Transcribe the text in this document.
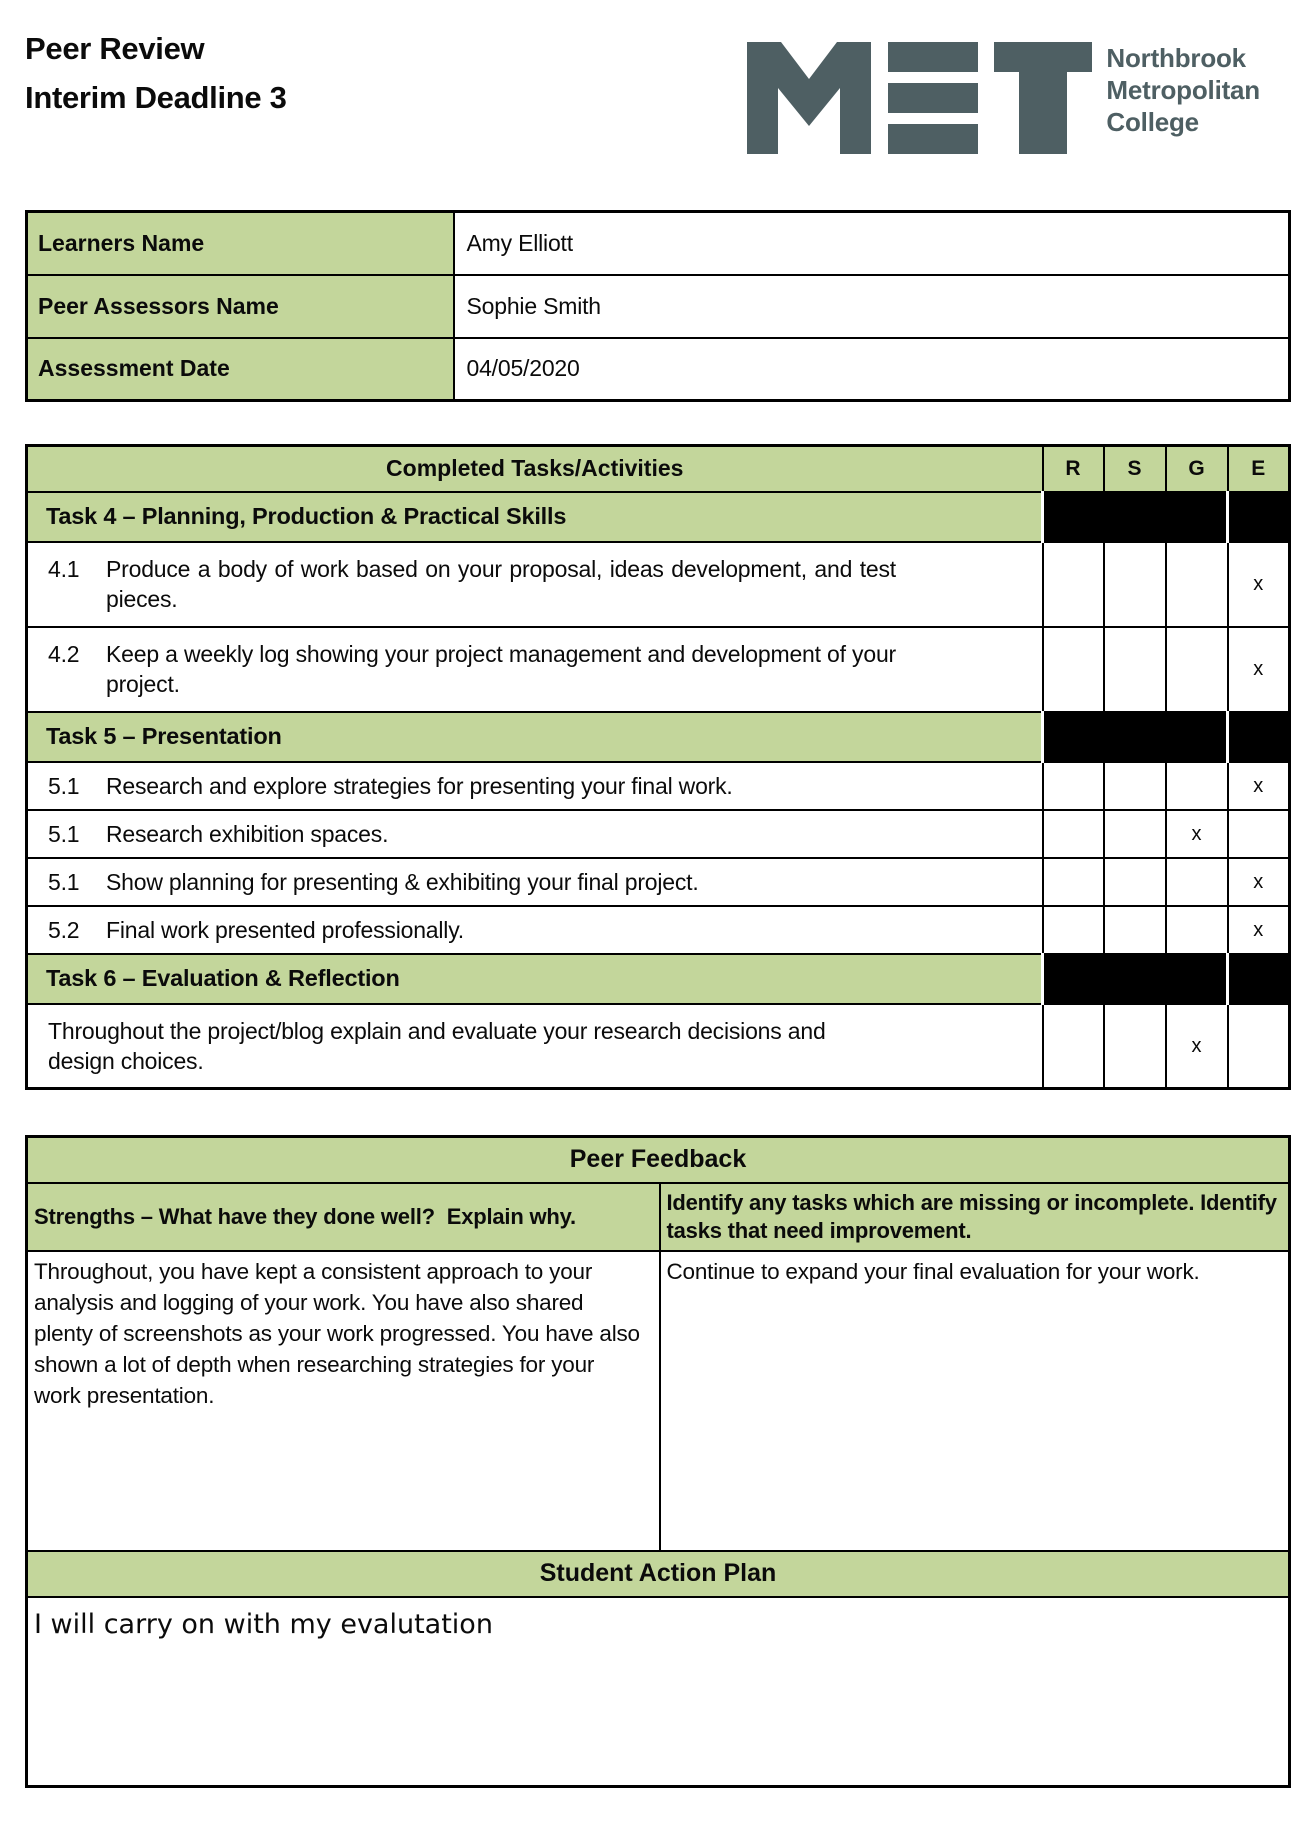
Peer Review
Interim Deadline 3
Northbrook
Metropolitan
College
Learners Name	Amy Elliott
Peer Assessors Name	Sophie Smith
Assessment Date	04/05/2020
Completed Tasks/Activities	R	S	G	E
Task 4 – Planning, Production & Practical Skills				

4.1 Produce a body of work based on your proposal, ideas development, and test pieces.				x

4.2 Keep a weekly log showing your project management and development of your project.				x
Task 5 – Presentation				

5.1 Research and explore strategies for presenting your final work.				x

5.1 Research exhibition spaces.			x	

5.1 Show planning for presenting & exhibiting your final project.				x

5.2 Final work presented professionally.				x
Task 6 – Evaluation & Reflection				

Throughout the project/blog explain and evaluate your research decisions and design choices.			x	
Peer Feedback	
Strengths – What have they done well?  Explain why.	Identify any tasks which are missing or incomplete. Identify tasks that need improvement.
Throughout, you have kept a consistent approach to your analysis and logging of your work. You have also shared plenty of screenshots as your work progressed. You have also shown a lot of depth when researching strategies for your work presentation.	Continue to expand your final evaluation for your work.
Student Action Plan	
I will carry on with my evalutation	
